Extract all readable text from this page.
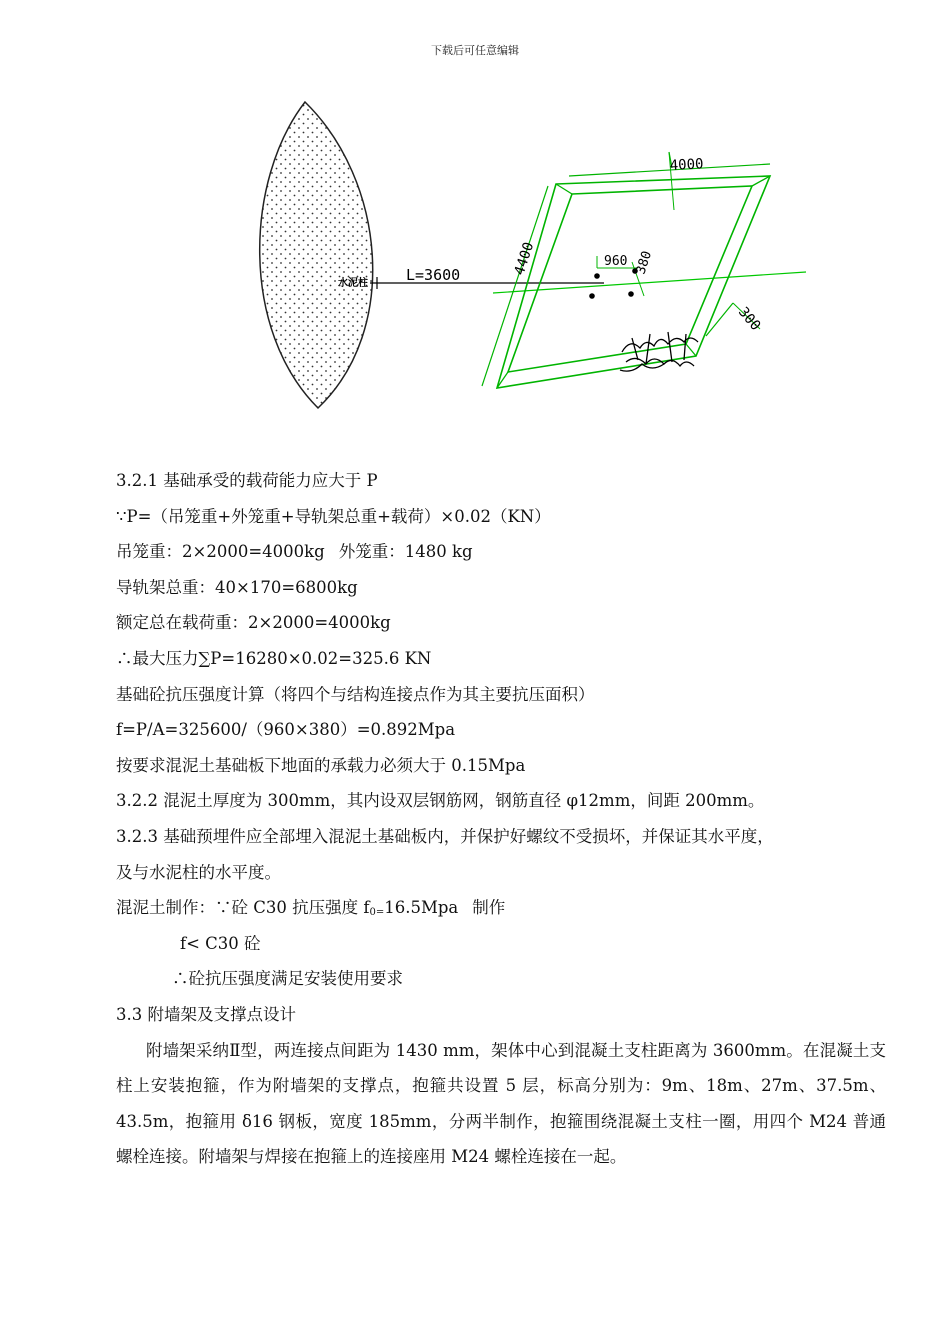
下载后可任意编辑
水泥柱	L=3600
4000
4400	960 380
300
3.2.1 基础承受的载荷能力应大于 P
∵P=（吊笼重+外笼重+导轨架总重+载荷）×0.02（KN）
吊笼重：2×2000=4000kg 外笼重：1480 kg
导轨架总重：40×170=6800kg
额定总在载荷重：2×2000=4000kg
∴最大压力∑P=16280×0.02=325.6 KN
基础砼抗压强度计算（将四个与结构连接点作为其主要抗压面积）
f=P/A=325600/（960×380）=0.892Mpa
按要求混泥土基础板下地面的承载力必须大于 0.15Mpa
3.2.2 混泥土厚度为 300mm，其内设双层钢筋网，钢筋直径 φ12mm，间距 200mm。
3.2.3 基础预埋件应全部埋入混泥土基础板内，并保护好螺纹不受损坏，并保证其水平度，
及与水泥柱的水平度。
混泥土制作：∵砼 C30 抗压强度 $f_{0=}16.5Mpa$ 制作
f< C30 砼
∴砼抗压强度满足安装使用要求
3.3 附墙架及支撑点设计
附墙架采纳Ⅱ型，两连接点间距为 1430 mm，架体中心到混凝土支柱距离为 3600mm。在混凝土支柱上安装抱箍，作为附墙架的支撑点，抱箍共设置 5 层，标高分别为：9m、18m、27m、37.5m、43.5m，抱箍用 δ16 钢板，宽度 185mm，分两半制作，抱箍围绕混凝土支柱一圈，用四个 M24 普通螺栓连接。附墙架与焊接在抱箍上的连接座用 M24 螺栓连接在一起。
